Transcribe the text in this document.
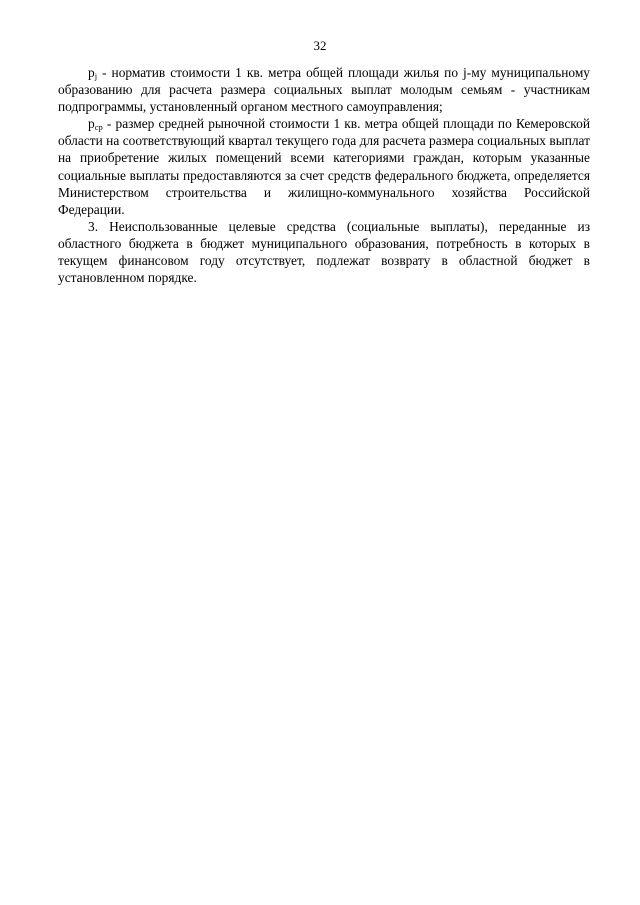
32

$p_j$ - норматив стоимости 1 кв. метра общей площади жилья по j-му муниципальному образованию для расчета размера социальных выплат молодым семьям - участникам подпрограммы, установленный органом местного самоуправления;

$p_{ср}$ - размер средней рыночной стоимости 1 кв. метра общей площади по Кемеровской области на соответствующий квартал текущего года для расчета размера социальных выплат на приобретение жилых помещений всеми категориями граждан, которым указанные социальные выплаты предоставляются за счет средств федерального бюджета, определяется Министерством строительства и жилищно-коммунального хозяйства Российской Федерации.

3. Неиспользованные целевые средства (социальные выплаты), переданные из областного бюджета в бюджет муниципального образования, потребность в которых в текущем финансовом году отсутствует, подлежат возврату в областной бюджет в установленном порядке.
